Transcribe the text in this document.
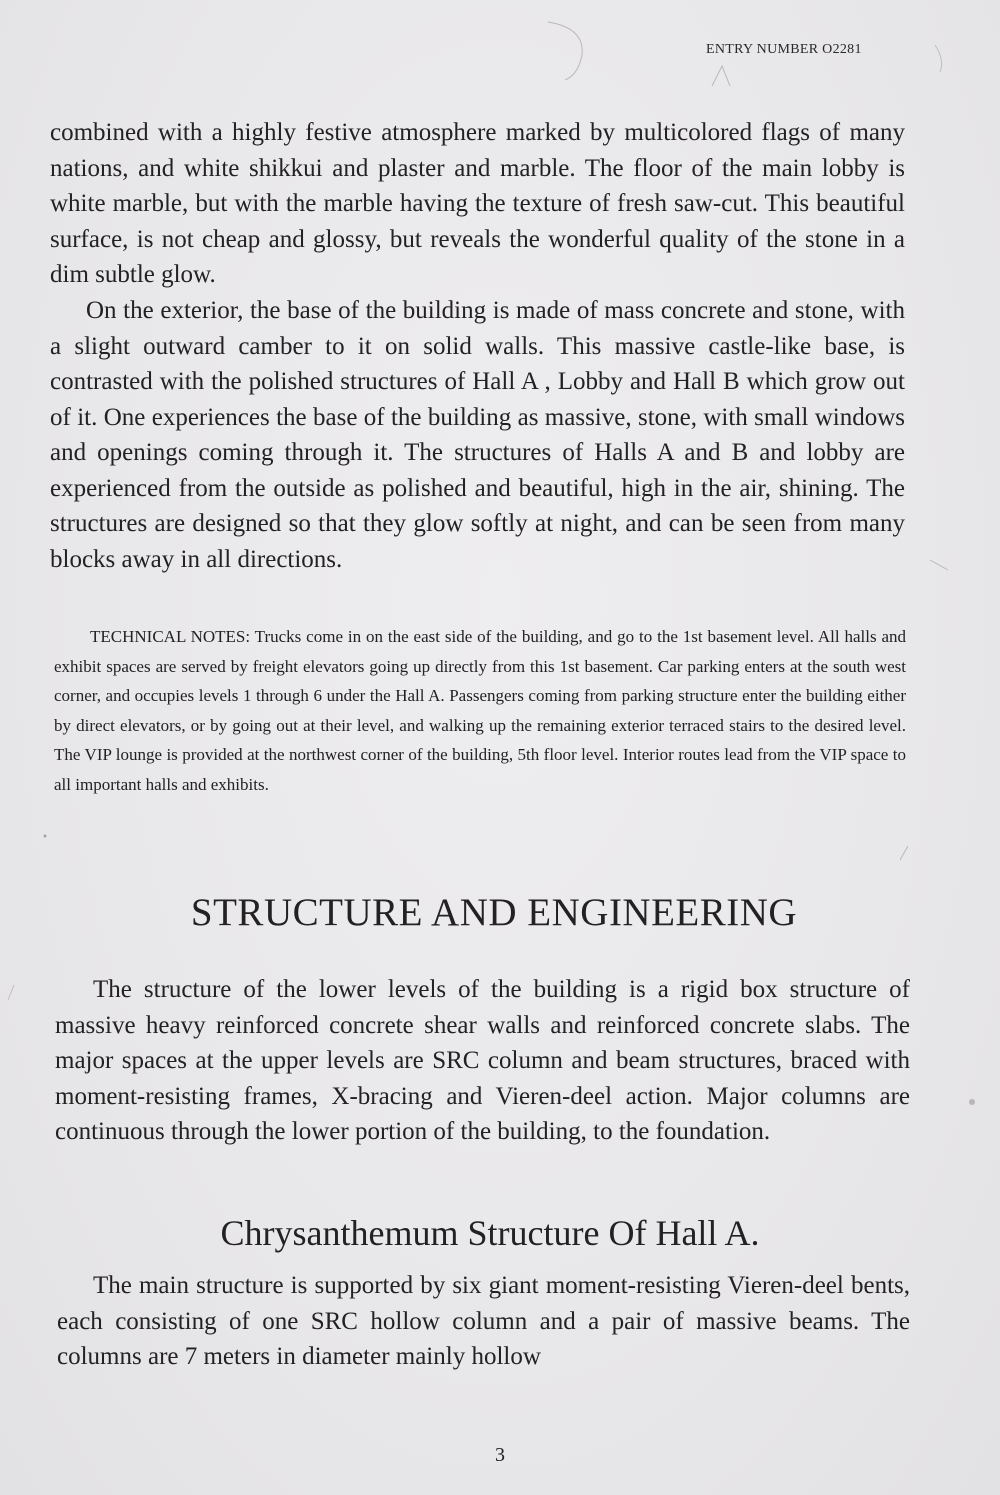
ENTRY NUMBER O2281

combined with a highly festive atmosphere marked by multicolored flags of many nations, and white shikkui and plaster and marble. The floor of the main lobby is white marble, but with the marble having the texture of fresh saw-cut. This beautiful surface, is not cheap and glossy, but reveals the wonderful quality of the stone in a dim subtle glow.

On the exterior, the base of the building is made of mass concrete and stone, with a slight outward camber to it on solid walls. This massive castle-like base, is contrasted with the polished structures of Hall A , Lobby and Hall B which grow out of it. One experiences the base of the building as massive, stone, with small windows and openings coming through it. The structures of Halls A and B and lobby are experienced from the outside as polished and beautiful, high in the air, shining. The structures are designed so that they glow softly at night, and can be seen from many blocks away in all directions.

TECHNICAL NOTES: Trucks come in on the east side of the building, and go to the 1st basement level. All halls and exhibit spaces are served by freight elevators going up directly from this 1st basement. Car parking enters at the south west corner, and occupies levels 1 through 6 under the Hall A. Passengers coming from parking structure enter the building either by direct elevators, or by going out at their level, and walking up the remaining exterior terraced stairs to the desired level. The VIP lounge is provided at the northwest corner of the building, 5th floor level. Interior routes lead from the VIP space to all important halls and exhibits.

STRUCTURE AND ENGINEERING

The structure of the lower levels of the building is a rigid box structure of massive heavy reinforced concrete shear walls and reinforced concrete slabs. The major spaces at the upper levels are SRC column and beam structures, braced with moment-resisting frames, X-bracing and Vieren-deel action. Major columns are continuous through the lower portion of the building, to the foundation.

Chrysanthemum Structure Of Hall A.

The main structure is supported by six giant moment-resisting Vieren-deel bents, each consisting of one SRC hollow column and a pair of massive beams. The columns are 7 meters in diameter mainly hollow

3
